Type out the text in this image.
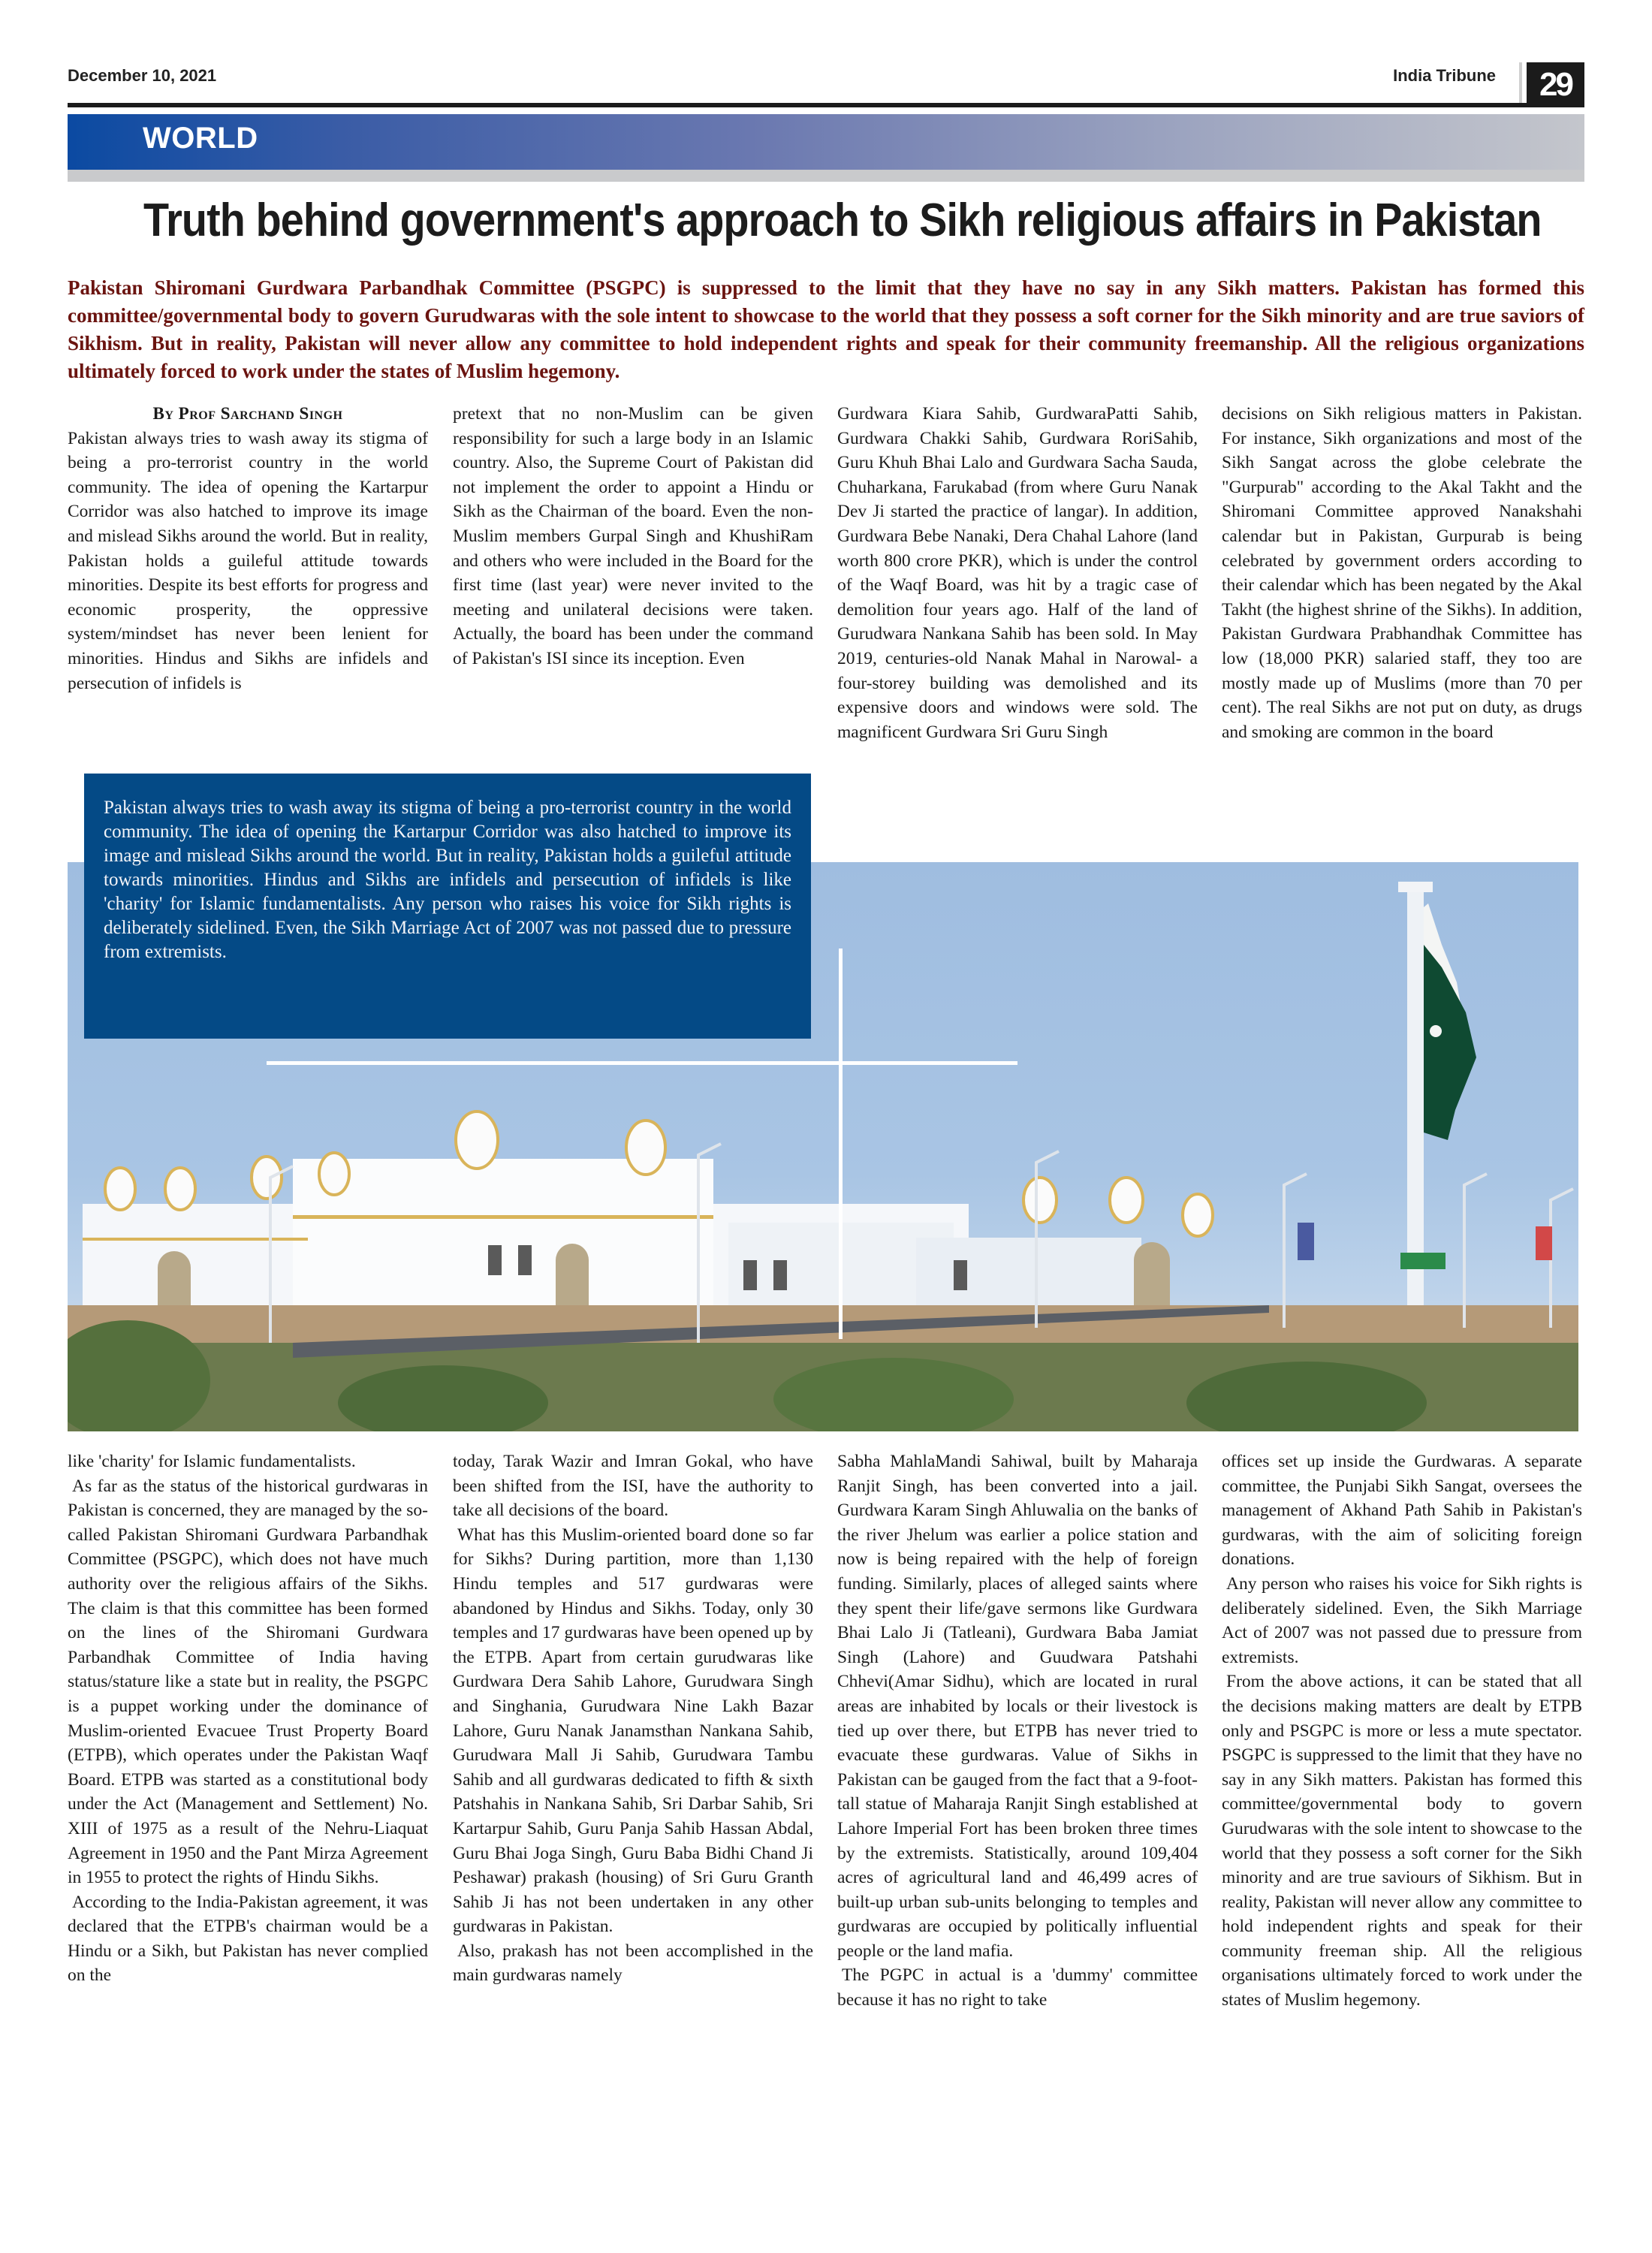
December 10, 2021	India Tribune	29
WORLD
Truth behind government's approach to Sikh religious affairs in Pakistan
Pakistan Shiromani Gurdwara Parbandhak Committee (PSGPC) is suppressed to the limit that they have no say in any Sikh matters. Pakistan has formed this committee/governmental body to govern Gurudwaras with the sole intent to showcase to the world that they possess a soft corner for the Sikh minority and are true saviors of Sikhism. But in reality, Pakistan will never allow any committee to hold independent rights and speak for their community freemanship. All the religious organizations ultimately forced to work under the states of Muslim hegemony.

By Prof Sarchand Singh

Pakistan always tries to wash away its stigma of being a pro-terrorist country in the world community. The idea of opening the Kartarpur Corridor was also hatched to improve its image and mislead Sikhs around the world. But in reality, Pakistan holds a guileful attitude towards minorities. Despite its best efforts for progress and economic prosperity, the oppressive system/mindset has never been lenient for minorities. Hindus and Sikhs are infidels and persecution of infidels is

pretext that no non-Muslim can be given responsibility for such a large body in an Islamic country. Also, the Supreme Court of Pakistan did not implement the order to appoint a Hindu or Sikh as the Chairman of the board. Even the non-Muslim members Gurpal Singh and KhushiRam and others who were included in the Board for the first time (last year) were never invited to the meeting and unilateral decisions were taken. Actually, the board has been under the command of Pakistan's ISI since its inception. Even

Gurdwara Kiara Sahib, GurdwaraPatti Sahib, Gurdwara Chakki Sahib, Gurdwara RoriSahib, Guru Khuh Bhai Lalo and Gurdwara Sacha Sauda, Chuharkana, Farukabad (from where Guru Nanak Dev Ji started the practice of langar). In addition, Gurdwara Bebe Nanaki, Dera Chahal Lahore (land worth 800 crore PKR), which is under the control of the Waqf Board, was hit by a tragic case of demolition four years ago. Half of the land of Gurudwara Nankana Sahib has been sold. In May 2019, centuries-old Nanak Mahal in Narowal- a four-storey building was demolished and its expensive doors and windows were sold. The magnificent Gurdwara Sri Guru Singh

decisions on Sikh religious matters in Pakistan. For instance, Sikh organizations and most of the Sikh Sangat across the globe celebrate the "Gurpurab" according to the Akal Takht and the Shiromani Committee approved Nanakshahi calendar but in Pakistan, Gurpurab is being celebrated by government orders according to their calendar which has been negated by the Akal Takht (the highest shrine of the Sikhs). In addition, Pakistan Gurdwara Prabhandhak Committee has low (18,000 PKR) salaried staff, they too are mostly made up of Muslims (more than 70 per cent). The real Sikhs are not put on duty, as drugs and smoking are common in the board

Pakistan always tries to wash away its stigma of being a pro-terrorist country in the world community. The idea of opening the Kartarpur Corridor was also hatched to improve its image and mislead Sikhs around the world. But in reality, Pakistan holds a guileful attitude towards minorities. Hindus and Sikhs are infidels and persecution of infidels is like 'charity' for Islamic fundamentalists. Any person who raises his voice for Sikh rights is deliberately sidelined. Even, the Sikh Marriage Act of 2007 was not passed due to pressure from extremists.

like 'charity' for Islamic fundamentalists.

As far as the status of the historical gurdwaras in Pakistan is concerned, they are managed by the so-called Pakistan Shiromani Gurdwara Parbandhak Committee (PSGPC), which does not have much authority over the religious affairs of the Sikhs. The claim is that this committee has been formed on the lines of the Shiromani Gurdwara Parbandhak Committee of India having status/stature like a state but in reality, the PSGPC is a puppet working under the dominance of Muslim-oriented Evacuee Trust Property Board (ETPB), which operates under the Pakistan Waqf Board. ETPB was started as a constitutional body under the Act (Management and Settlement) No. XIII of 1975 as a result of the Nehru-Liaquat Agreement in 1950 and the Pant Mirza Agreement in 1955 to protect the rights of Hindu Sikhs.

According to the India-Pakistan agreement, it was declared that the ETPB's chairman would be a Hindu or a Sikh, but Pakistan has never complied on the

today, Tarak Wazir and Imran Gokal, who have been shifted from the ISI, have the authority to take all decisions of the board.

What has this Muslim-oriented board done so far for Sikhs? During partition, more than 1,130 Hindu temples and 517 gurdwaras were abandoned by Hindus and Sikhs. Today, only 30 temples and 17 gurdwaras have been opened up by the ETPB. Apart from certain gurudwaras like Gurdwara Dera Sahib Lahore, Gurudwara Singh and Singhania, Gurudwara Nine Lakh Bazar Lahore, Guru Nanak Janamsthan Nankana Sahib, Gurudwara Mall Ji Sahib, Gurudwara Tambu Sahib and all gurdwaras dedicated to fifth & sixth Patshahis in Nankana Sahib, Sri Darbar Sahib, Sri Kartarpur Sahib, Guru Panja Sahib Hassan Abdal, Guru Bhai Joga Singh, Guru Baba Bidhi Chand Ji Peshawar) prakash (housing) of Sri Guru Granth Sahib Ji has not been undertaken in any other gurdwaras in Pakistan.

Also, prakash has not been accomplished in the main gurdwaras namely

Sabha MahlaMandi Sahiwal, built by Maharaja Ranjit Singh, has been converted into a jail. Gurdwara Karam Singh Ahluwalia on the banks of the river Jhelum was earlier a police station and now is being repaired with the help of foreign funding. Similarly, places of alleged saints where they spent their life/gave sermons like Gurdwara Bhai Lalo Ji (Tatleani), Gurdwara Baba Jamiat Singh (Lahore) and Guudwara Patshahi Chhevi(Amar Sidhu), which are located in rural areas are inhabited by locals or their livestock is tied up over there, but ETPB has never tried to evacuate these gurdwaras. Value of Sikhs in Pakistan can be gauged from the fact that a 9-foot-tall statue of Maharaja Ranjit Singh established at Lahore Imperial Fort has been broken three times by the extremists. Statistically, around 109,404 acres of agricultural land and 46,499 acres of built-up urban sub-units belonging to temples and gurdwaras are occupied by politically influential people or the land mafia.

The PGPC in actual is a 'dummy' committee because it has no right to take

offices set up inside the Gurdwaras. A separate committee, the Punjabi Sikh Sangat, oversees the management of Akhand Path Sahib in Pakistan's gurdwaras, with the aim of soliciting foreign donations.

Any person who raises his voice for Sikh rights is deliberately sidelined. Even, the Sikh Marriage Act of 2007 was not passed due to pressure from extremists.

From the above actions, it can be stated that all the decisions making matters are dealt by ETPB only and PSGPC is more or less a mute spectator. PSGPC is suppressed to the limit that they have no say in any Sikh matters. Pakistan has formed this committee/governmental body to govern Gurudwaras with the sole intent to showcase to the world that they possess a soft corner for the Sikh minority and are true saviours of Sikhism. But in reality, Pakistan will never allow any committee to hold independent rights and speak for their community freeman ship. All the religious organisations ultimately forced to work under the states of Muslim hegemony.
